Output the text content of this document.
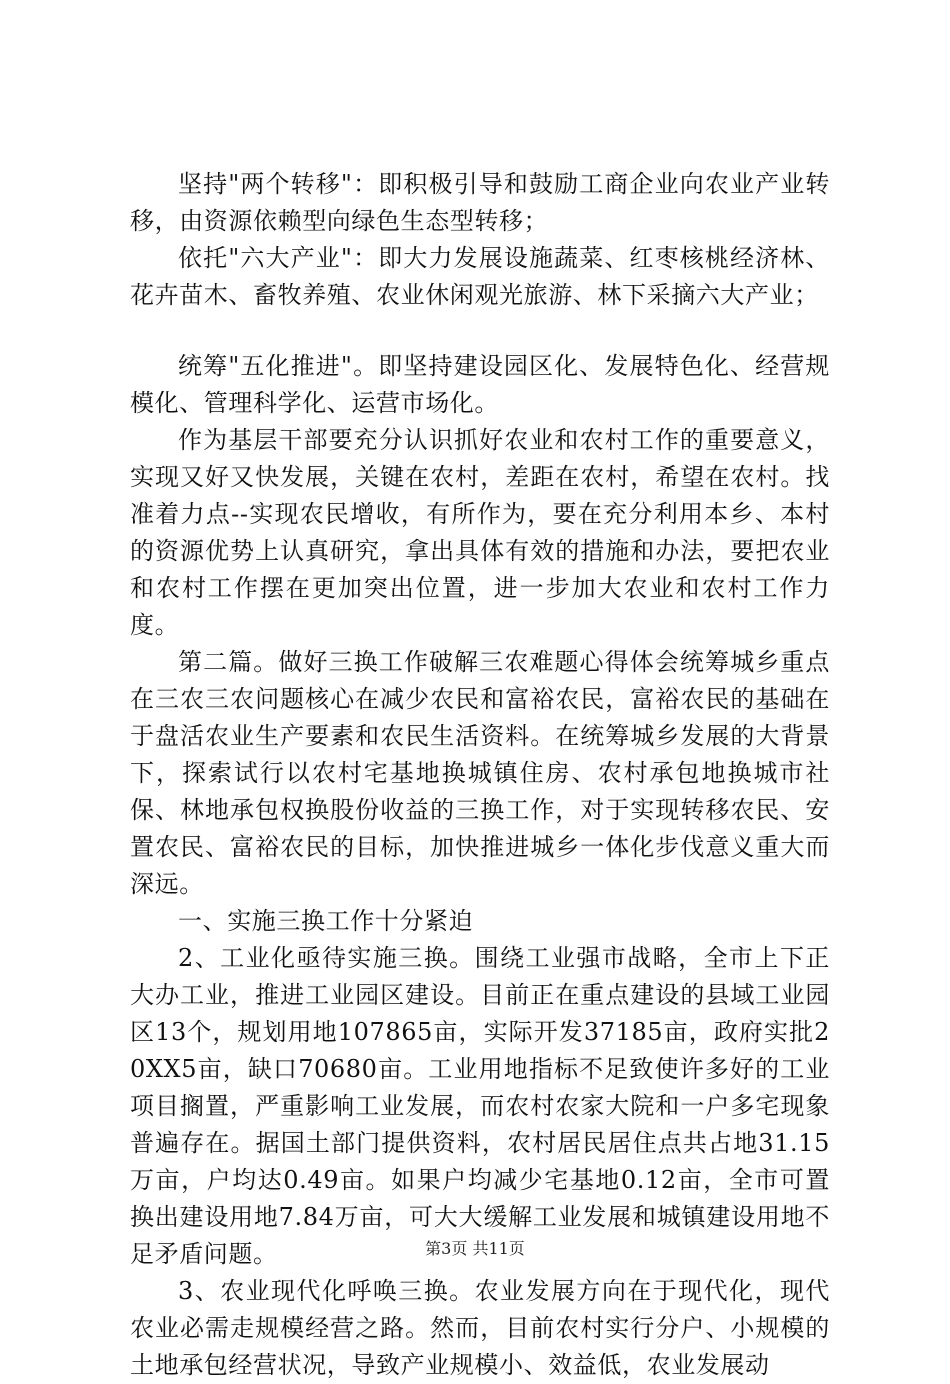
坚持"两个转移"：即积极引导和鼓励工商企业向农业产业转移，由资源依赖型向绿色生态型转移；

依托"六大产业"：即大力发展设施蔬菜、红枣核桃经济林、花卉苗木、畜牧养殖、农业休闲观光旅游、林下采摘六大产业；

统筹"五化推进"。即坚持建设园区化、发展特色化、经营规模化、管理科学化、运营市场化。

作为基层干部要充分认识抓好农业和农村工作的重要意义，实现又好又快发展，关键在农村，差距在农村，希望在农村。找准着力点--实现农民增收，有所作为，要在充分利用本乡、本村的资源优势上认真研究，拿出具体有效的措施和办法，要把农业和农村工作摆在更加突出位置，进一步加大农业和农村工作力度。

第二篇。做好三换工作破解三农难题心得体会统筹城乡重点在三农三农问题核心在减少农民和富裕农民，富裕农民的基础在于盘活农业生产要素和农民生活资料。在统筹城乡发展的大背景下，探索试行以农村宅基地换城镇住房、农村承包地换城市社保、林地承包权换股份收益的三换工作，对于实现转移农民、安置农民、富裕农民的目标，加快推进城乡一体化步伐意义重大而深远。

一、实施三换工作十分紧迫

2、工业化亟待实施三换。围绕工业强市战略，全市上下正大办工业，推进工业园区建设。目前正在重点建设的县域工业园区13个，规划用地107865亩，实际开发37185亩，政府实批20XX5亩，缺口70680亩。工业用地指标不足致使许多好的工业项目搁置，严重影响工业发展，而农村农家大院和一户多宅现象普遍存在。据国土部门提供资料，农村居民居住点共占地31.15万亩，户均达0.49亩。如果户均减少宅基地0.12亩，全市可置换出建设用地7.84万亩，可大大缓解工业发展和城镇建设用地不足矛盾问题。

3、农业现代化呼唤三换。农业发展方向在于现代化，现代农业必需走规模经营之路。然而，目前农村实行分户、小规模的土地承包经营状况，导致产业规模小、效益低，农业发展动

第3页 共11页
